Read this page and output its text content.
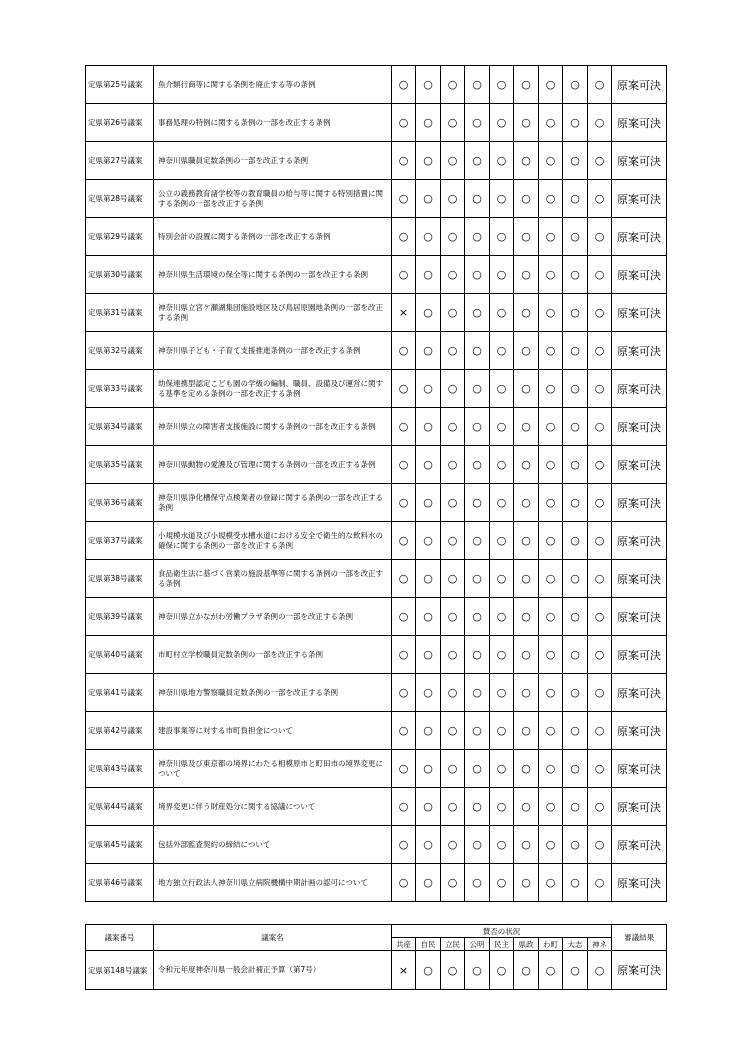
定県第25号議案	魚介類行商等に関する条例を廃止する等の条例	○	○	○	○	○	○	○	○	○	原案可決
定県第26号議案	事務処理の特例に関する条例の一部を改正する条例	○	○	○	○	○	○	○	○	○	原案可決
定県第27号議案	神奈川県職員定数条例の一部を改正する条例	○	○	○	○	○	○	○	○	○	原案可決
定県第28号議案	公立の義務教育諸学校等の教育職員の給与等に関する特別措置に関する条例の一部を改正する条例	○	○	○	○	○	○	○	○	○	原案可決
定県第29号議案	特別会計の設置に関する条例の一部を改正する条例	○	○	○	○	○	○	○	○	○	原案可決
定県第30号議案	神奈川県生活環境の保全等に関する条例の一部を改正する条例	○	○	○	○	○	○	○	○	○	原案可決
定県第31号議案	神奈川県立宮ケ瀬湖集団施設地区及び鳥居原園地条例の一部を改正する条例	×	○	○	○	○	○	○	○	○	原案可決
定県第32号議案	神奈川県子ども・子育て支援推進条例の一部を改正する条例	○	○	○	○	○	○	○	○	○	原案可決
定県第33号議案	幼保連携型認定こども園の学級の編制、職員、設備及び運営に関する基準を定める条例の一部を改正する条例	○	○	○	○	○	○	○	○	○	原案可決
定県第34号議案	神奈川県立の障害者支援施設に関する条例の一部を改正する条例	○	○	○	○	○	○	○	○	○	原案可決
定県第35号議案	神奈川県動物の愛護及び管理に関する条例の一部を改正する条例	○	○	○	○	○	○	○	○	○	原案可決
定県第36号議案	神奈川県浄化槽保守点検業者の登録に関する条例の一部を改正する条例	○	○	○	○	○	○	○	○	○	原案可決
定県第37号議案	小規模水道及び小規模受水槽水道における安全で衛生的な飲料水の確保に関する条例の一部を改正する条例	○	○	○	○	○	○	○	○	○	原案可決
定県第38号議案	食品衛生法に基づく営業の施設基準等に関する条例の一部を改正する条例	○	○	○	○	○	○	○	○	○	原案可決
定県第39号議案	神奈川県立かながわ労働プラザ条例の一部を改正する条例	○	○	○	○	○	○	○	○	○	原案可決
定県第40号議案	市町村立学校職員定数条例の一部を改正する条例	○	○	○	○	○	○	○	○	○	原案可決
定県第41号議案	神奈川県地方警察職員定数条例の一部を改正する条例	○	○	○	○	○	○	○	○	○	原案可決
定県第42号議案	建設事業等に対する市町負担金について	○	○	○	○	○	○	○	○	○	原案可決
定県第43号議案	神奈川県及び東京都の境界にわたる相模原市と町田市の境界変更について	○	○	○	○	○	○	○	○	○	原案可決
定県第44号議案	境界変更に伴う財産処分に関する協議について	○	○	○	○	○	○	○	○	○	原案可決
定県第45号議案	包括外部監査契約の締結について	○	○	○	○	○	○	○	○	○	原案可決
定県第46号議案	地方独立行政法人神奈川県立病院機構中期計画の認可について	○	○	○	○	○	○	○	○	○	原案可決
議案番号	議案名	賛否の状況									審議結果
		共産	自民	立民	公明	民主	県政	わ町	大志	神ネ	
定県第148号議案	令和元年度神奈川県一般会計補正予算（第7号）	×	○	○	○	○	○	○	○	○	原案可決
